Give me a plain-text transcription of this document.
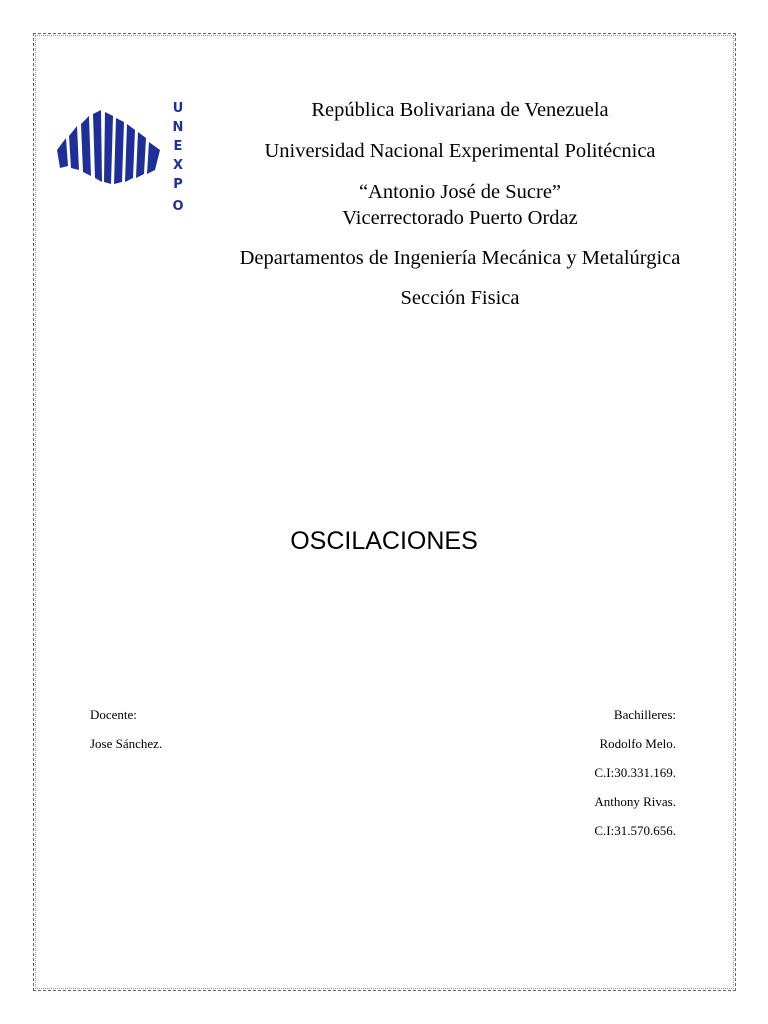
U
N
E
X
P
O
República Bolivariana de Venezuela
Universidad Nacional Experimental Politécnica
“Antonio José de Sucre”
Vicerrectorado Puerto Ordaz
Departamentos de Ingeniería Mecánica y Metalúrgica
Sección Fisica
OSCILACIONES
Docente:
Jose Sánchez.
Bachilleres:
Rodolfo Melo.
C.I:30.331.169.
Anthony Rivas.
C.I:31.570.656.
